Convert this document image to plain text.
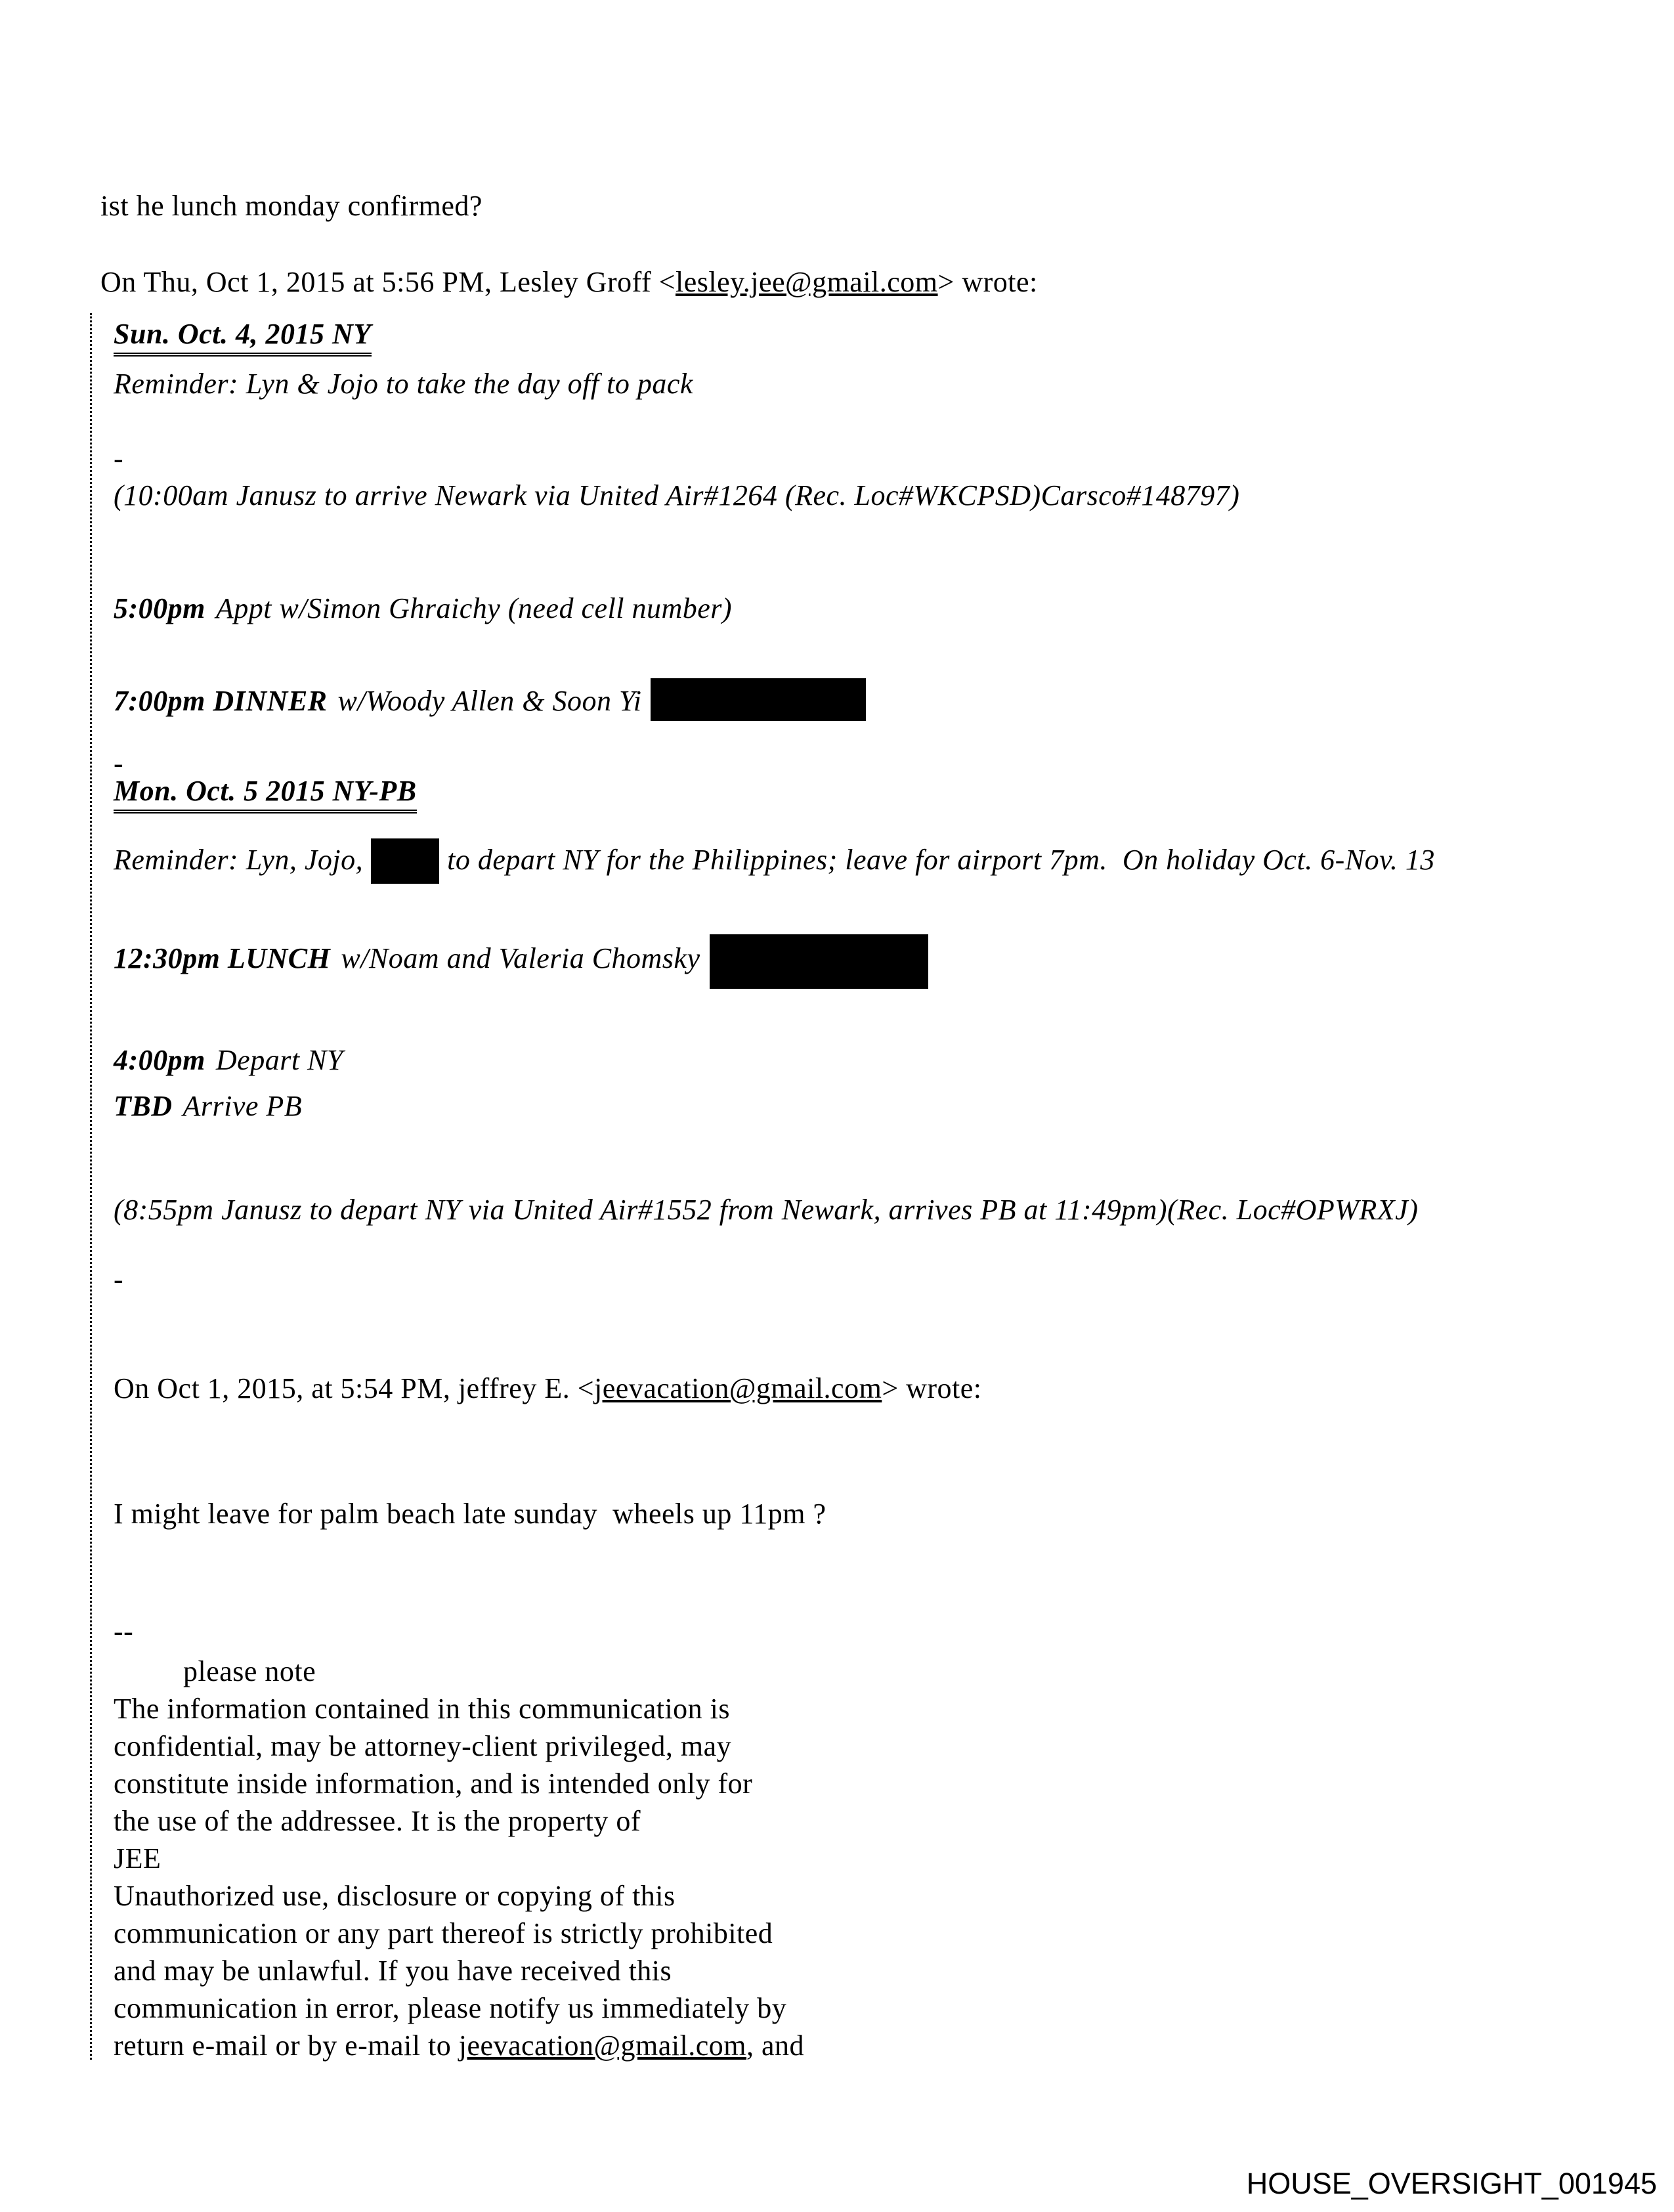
ist he lunch monday confirmed?
On Thu, Oct 1, 2015 at 5:56 PM, Lesley Groff <lesley.jee@gmail.com> wrote:
Sun. Oct. 4, 2015 NY
Reminder: Lyn & Jojo to take the day off to pack
-
(10:00am Janusz to arrive Newark via United Air#1264 (Rec. Loc#WKCPSD)Carsco#148797)
5:00pm Appt w/Simon Ghraichy (need cell number)
7:00pm DINNER w/Woody Allen & Soon Yi
-
Mon. Oct. 5 2015 NY-PB
Reminder: Lyn, Jojo,	to depart NY for the Philippines; leave for airport 7pm.  On holiday Oct. 6-Nov. 13
12:30pm LUNCH w/Noam and Valeria Chomsky
4:00pm Depart NY
TBD Arrive PB
(8:55pm Janusz to depart NY via United Air#1552 from Newark, arrives PB at 11:49pm)(Rec. Loc#OPWRXJ)
-
On Oct 1, 2015, at 5:54 PM, jeffrey E. <jeevacation@gmail.com> wrote:
I might leave for palm beach late sunday  wheels up 11pm ?
--
please note
The information contained in this communication is
confidential, may be attorney-client privileged, may
constitute inside information, and is intended only for
the use of the addressee. It is the property of
JEE
Unauthorized use, disclosure or copying of this
communication or any part thereof is strictly prohibited
and may be unlawful. If you have received this
communication in error, please notify us immediately by
return e-mail or by e-mail to jeevacation@gmail.com, and
HOUSE_OVERSIGHT_001945
